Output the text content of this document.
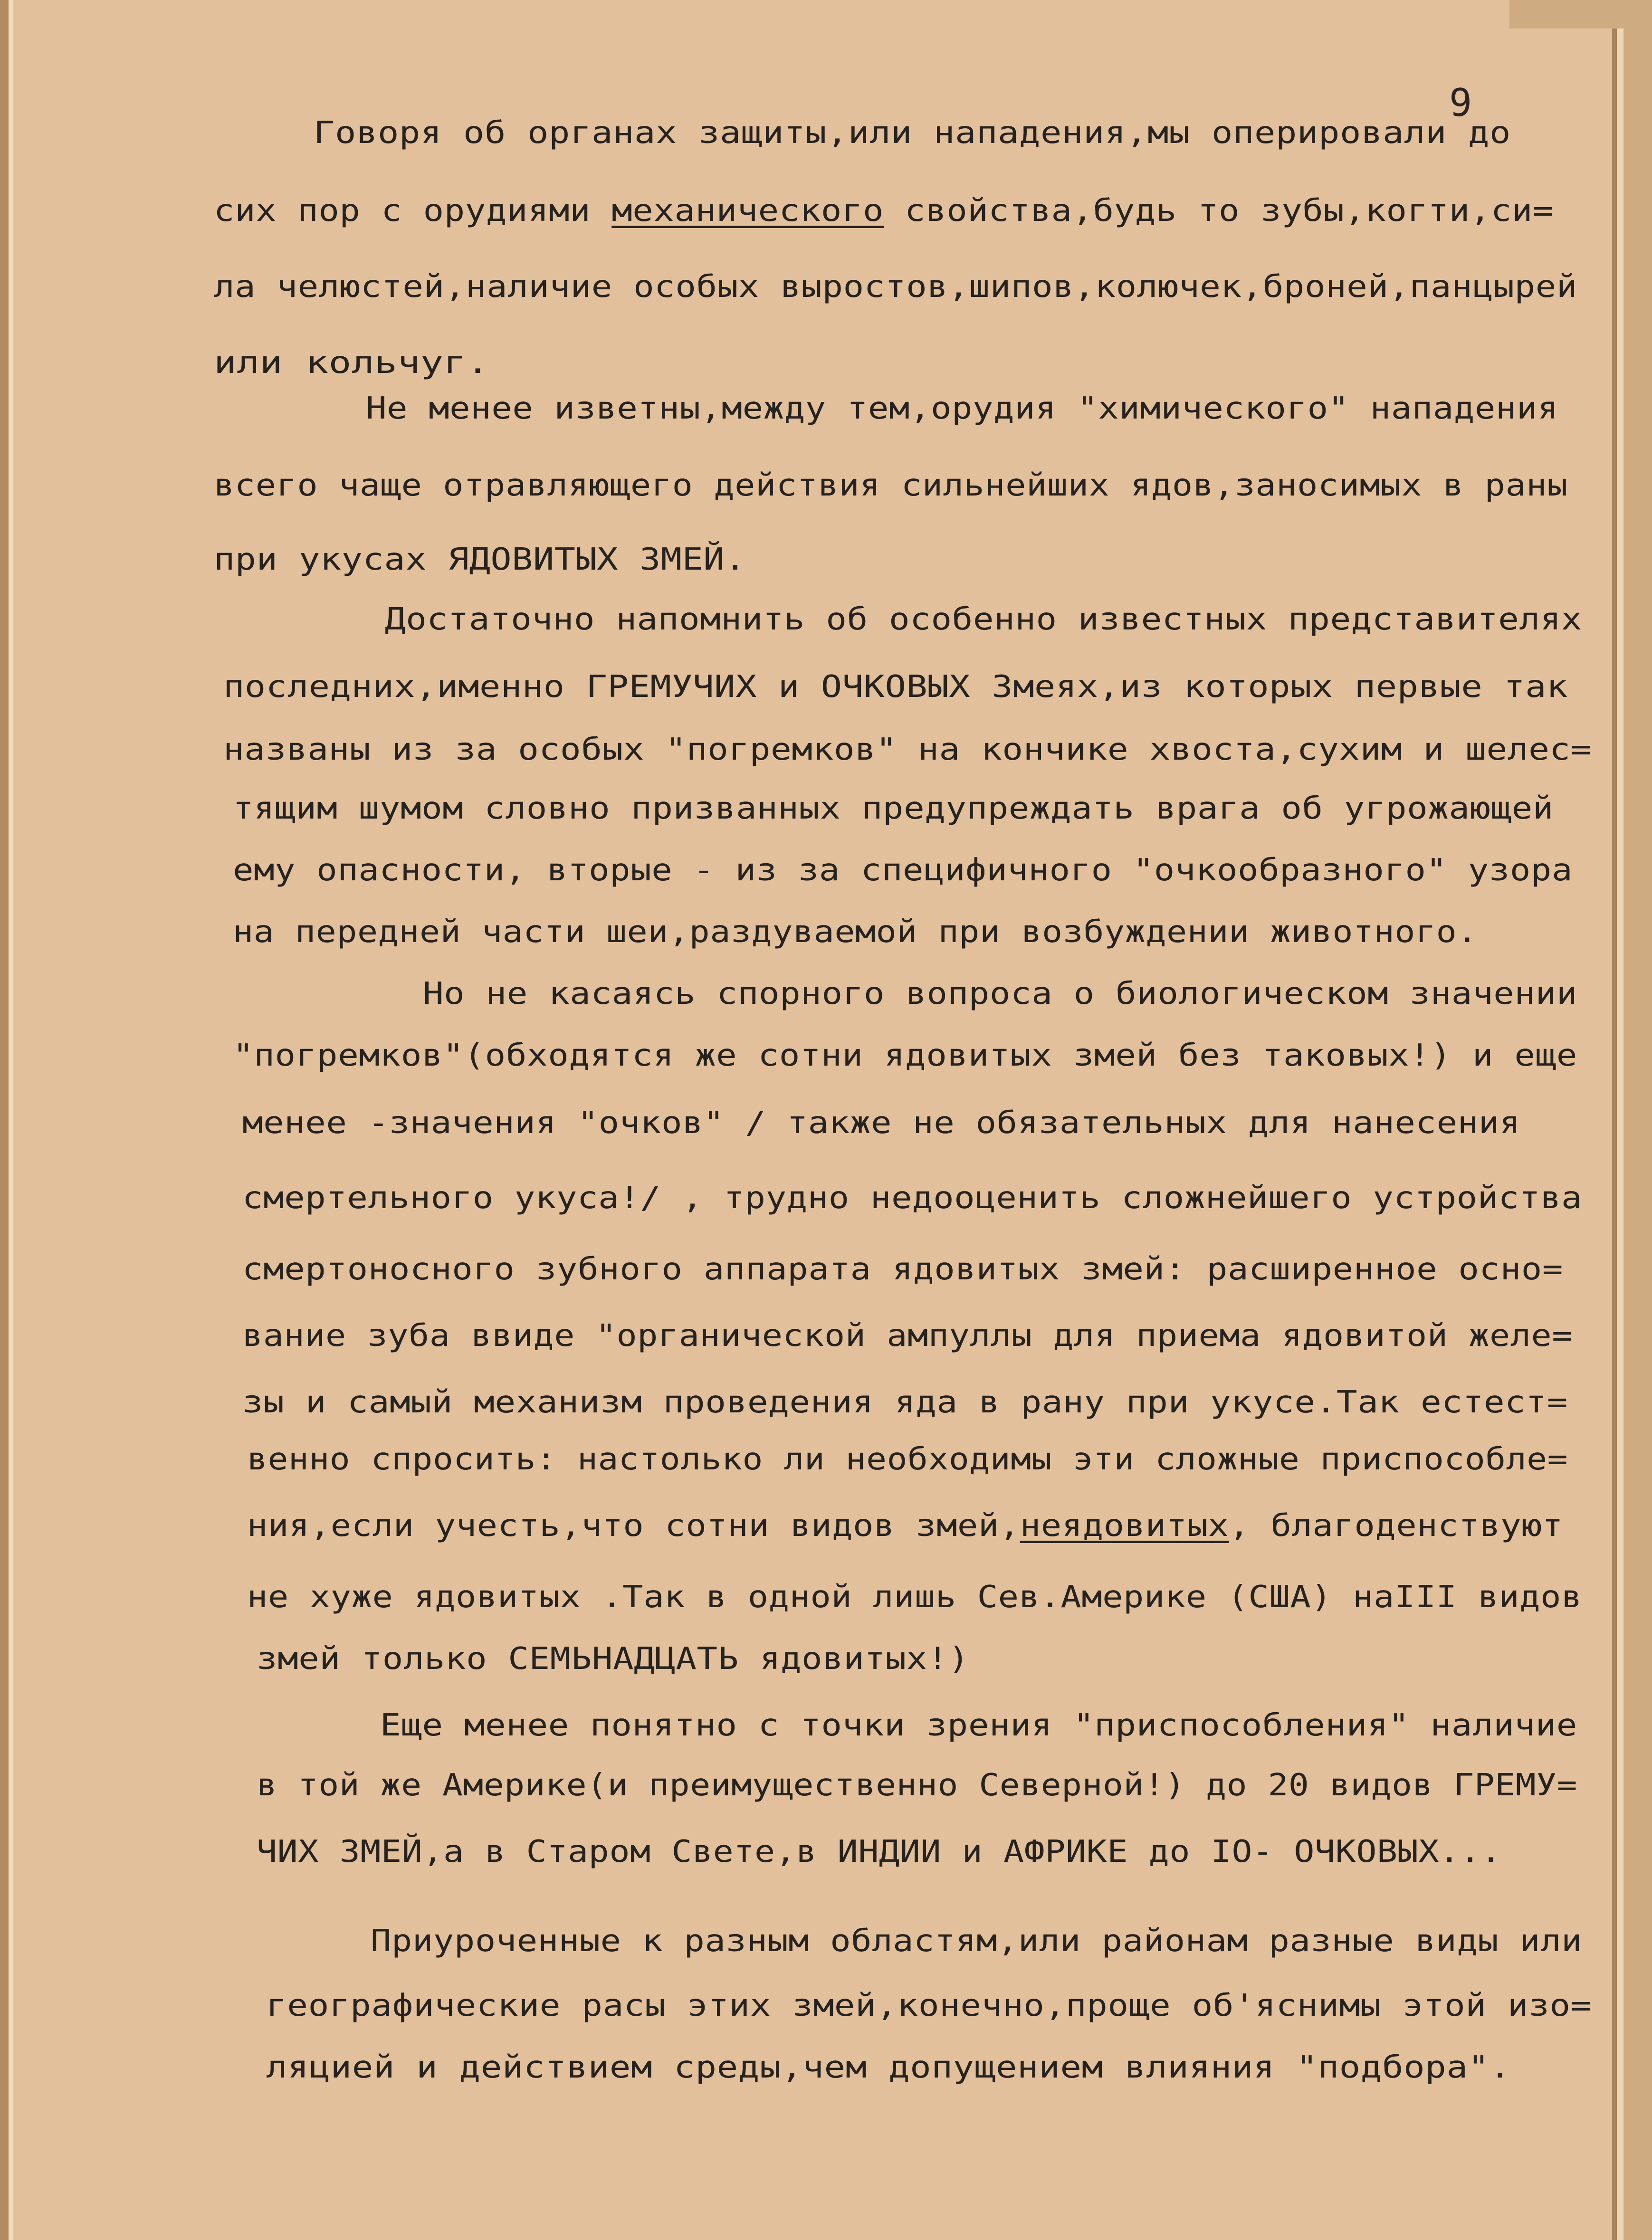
9
Говоря об органах защиты,или нападения,мы оперировали до
сих пор с орудиями механического свойства,будь то зубы,когти,си=
ла челюстей,наличие особых выростов,шипов,колючек,броней,панцырей
или кольчуг.
Не менее изветны,между тем,орудия "химического" нападения
всего чаще отравляющего действия сильнейших ядов,заносимых в раны
при укусах ЯДОВИТЫХ ЗМЕЙ.
Достаточно напомнить об особенно известных представителях
последних,именно ГРЕМУЧИХ и ОЧКОВЫХ Змеях,из которых первые так
названы из за особых "погремков" на кончике хвоста,сухим и шелес=
тящим шумом словно призванных предупреждать врага об угрожающей
ему опасности, вторые - из за специфичного "очкообразного" узора
на передней части шеи,раздуваемой при возбуждении животного.
Но не касаясь спорного вопроса о биологическом значении
"погремков"(обходятся же сотни ядовитых змей без таковых!) и еще
менее -значения "очков" / также не обязательных для нанесения
смертельного укуса!/ , трудно недооценить сложнейшего устройства
смертоносного зубного аппарата ядовитых змей: расширенное осно=
вание зуба ввиде "органической ампуллы для приема ядовитой желе=
зы и самый механизм проведения яда в рану при укусе.Так естест=
венно спросить: настолько ли необходимы эти сложные приспособле=
ния,если учесть,что сотни видов змей,неядовитых, благоденствуют
не хуже ядовитых .Так в одной лишь Сев.Америке (США) наIII видов
змей только СЕМЬНАДЦАТЬ ядовитых!)
Еще менее понятно с точки зрения "приспособления" наличие
в той же Америке(и преимущественно Северной!) до 20 видов ГРЕМУ=
ЧИХ ЗМЕЙ,а в Старом Свете,в ИНДИИ и АФРИКЕ до IO- ОЧКОВЫХ...
Приуроченные к разным областям,или районам разные виды или
географические расы этих змей,конечно,проще об'яснимы этой изо=
ляцией и действием среды,чем допущением влияния "подбора".
